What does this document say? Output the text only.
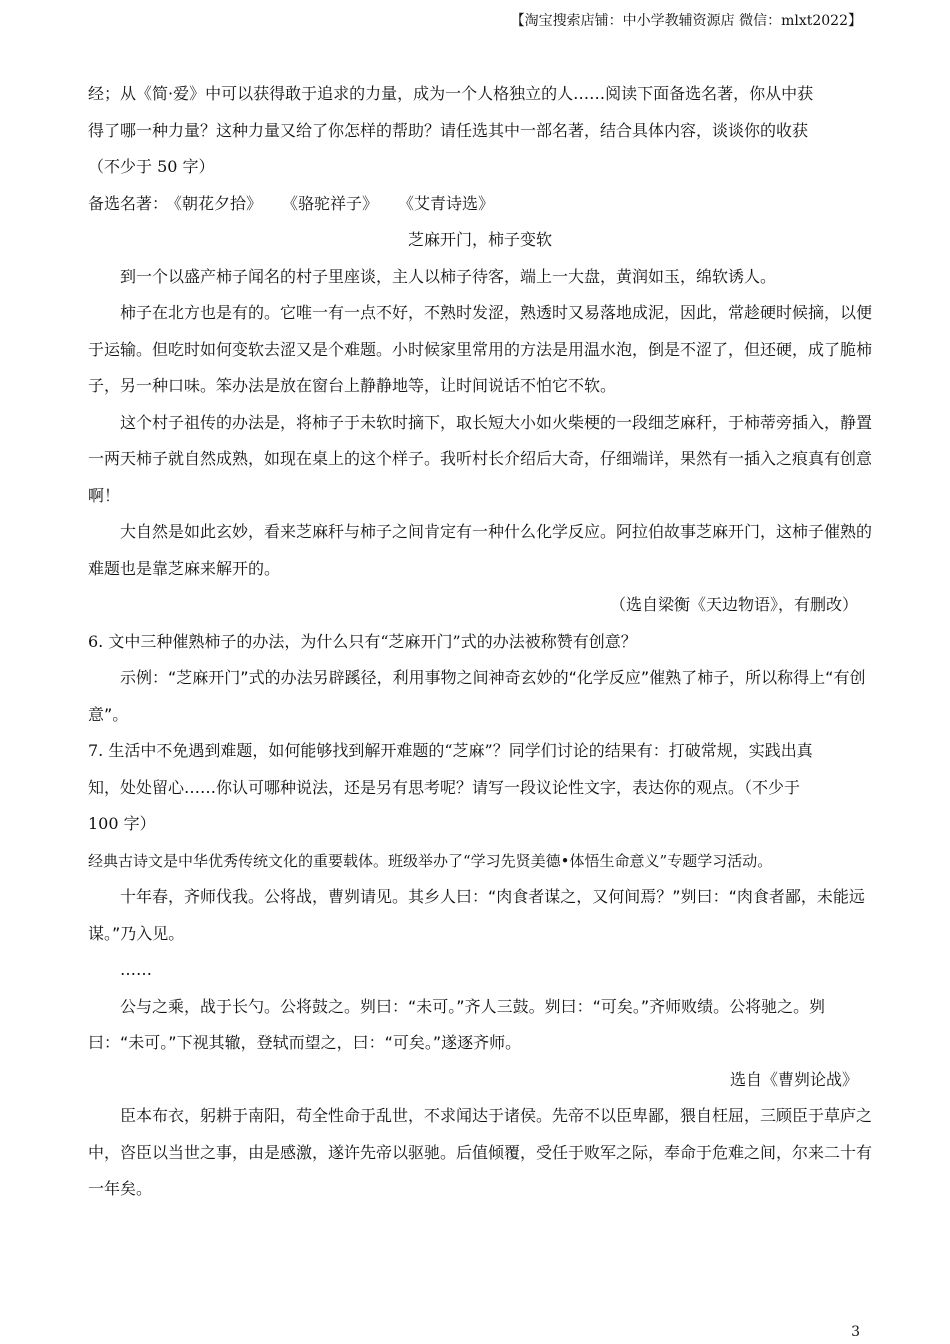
【淘宝搜索店铺：中小学教辅资源店 微信：mlxt2022】

经；从《简·爱》中可以获得敢于追求的力量，成为一个人格独立的人……阅读下面备选名著，你从中获

得了哪一种力量？这种力量又给了你怎样的帮助？请任选其中一部名著，结合具体内容，谈谈你的收获

（不少于 50 字）

备选名著： 《朝花夕拾》 《骆驼祥子》 《艾青诗选》

芝麻开门，柿子变软

到一个以盛产柿子闻名的村子里座谈，主人以柿子待客，端上一大盘，黄润如玉，绵软诱人。

柿子在北方也是有的。它唯一有一点不好，不熟时发涩，熟透时又易落地成泥，因此，常趁硬时候摘，以便于运输。但吃时如何变软去涩又是个难题。小时候家里常用的方法是用温水泡，倒是不涩了，但还硬，成了脆柿子，另一种口味。笨办法是放在窗台上静静地等，让时间说话不怕它不软。

这个村子祖传的办法是，将柿子于未软时摘下，取长短大小如火柴梗的一段细芝麻秆，于柿蒂旁插入，静置一两天柿子就自然成熟，如现在桌上的这个样子。我听村长介绍后大奇，仔细端详，果然有一插入之痕真有创意啊！

大自然是如此玄妙，看来芝麻秆与柿子之间肯定有一种什么化学反应。阿拉伯故事芝麻开门，这柿子催熟的难题也是靠芝麻来解开的。

（选自梁衡《天边物语》，有删改）

6. 文中三种催熟柿子的办法，为什么只有“芝麻开门”式的办法被称赞有创意？

示例：“芝麻开门”式的办法另辟蹊径，利用事物之间神奇玄妙的“化学反应”催熟了柿子，所以称得上“有创意”。

7. 生活中不免遇到难题，如何能够找到解开难题的“芝麻”？同学们讨论的结果有：打破常规，实践出真

知，处处留心……你认可哪种说法，还是另有思考呢？请写一段议论性文字，表达你的观点。（不少于

100 字）

经典古诗文是中华优秀传统文化的重要载体。班级举办了“学习先贤美德•体悟生命意义”专题学习活动。

十年春，齐师伐我。公将战，曹刿请见。其乡人曰：“肉食者谋之，又何间焉？”刿曰：“肉食者鄙，未能远谋。”乃入见。

……

公与之乘，战于长勺。公将鼓之。刿曰：“未可。”齐人三鼓。刿曰：“可矣。”齐师败绩。公将驰之。刿曰：“未可。”下视其辙，登轼而望之，曰：“可矣。”遂逐齐师。

选自《曹刿论战》

臣本布衣，躬耕于南阳，苟全性命于乱世，不求闻达于诸侯。先帝不以臣卑鄙，猥自枉屈，三顾臣于草庐之中，咨臣以当世之事，由是感激，遂许先帝以驱驰。后值倾覆，受任于败军之际，奉命于危难之间，尔来二十有一年矣。

3
